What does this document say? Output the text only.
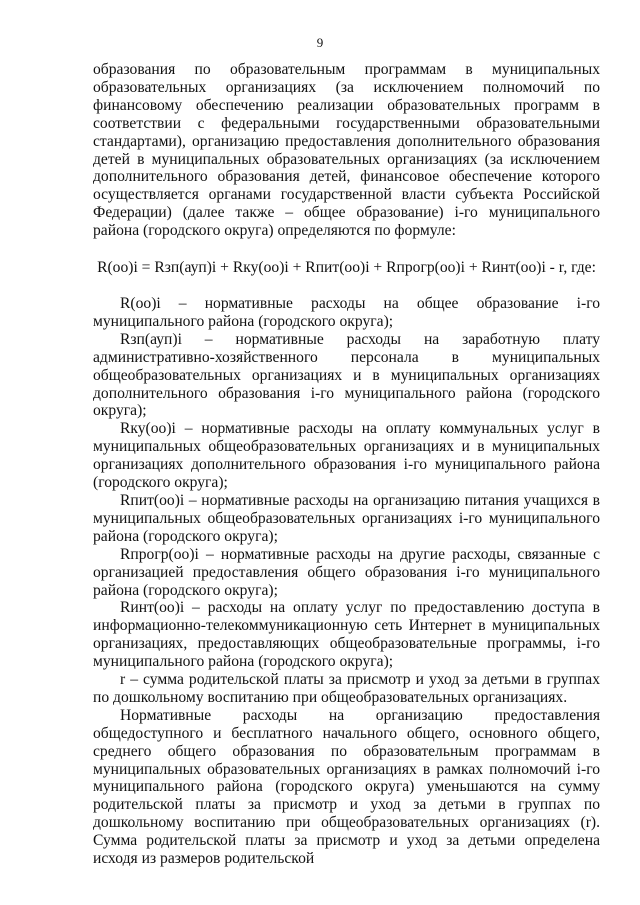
9

образования по образовательным программам в муниципальных образовательных организациях (за исключением полномочий по финансовому обеспечению реализации образовательных программ в соответствии с федеральными государственными образовательными стандартами), организацию предоставления дополнительного образования детей в муниципальных образовательных организациях (за исключением дополнительного образования детей, финансовое обеспечение которого осуществляется органами государственной власти субъекта Российской Федерации) (далее также – общее образование) i-го муниципального района (городского округа) определяются по формуле:

R(оо)i = Rзп(ауп)i + Rку(оо)i + Rпит(оо)i + Rпрогр(оо)i + Rинт(оо)i - r, где:

R(оо)i – нормативные расходы на общее образование i-го муниципального района (городского округа);

Rзп(ауп)i – нормативные расходы на заработную плату административно-хозяйственного персонала в муниципальных общеобразовательных организациях и в муниципальных организациях дополнительного образования i-го муниципального района (городского округа);

Rку(оо)i – нормативные расходы на оплату коммунальных услуг в муниципальных общеобразовательных организациях и в муниципальных организациях дополнительного образования i-го муниципального района (городского округа);

Rпит(оо)i – нормативные расходы на организацию питания учащихся в муниципальных общеобразовательных организациях i-го муниципального района (городского округа);

Rпрогр(оо)i – нормативные расходы на другие расходы, связанные с организацией предоставления общего образования i-го муниципального района (городского округа);

Rинт(оо)i – расходы на оплату услуг по предоставлению доступа в информационно-телекоммуникационную сеть Интернет в муниципальных организациях, предоставляющих общеобразовательные программы, i-го муниципального района (городского округа);

r – сумма родительской платы за присмотр и уход за детьми в группах по дошкольному воспитанию при общеобразовательных организациях.

Нормативные расходы на организацию предоставления общедоступного и бесплатного начального общего, основного общего, среднего общего образования по образовательным программам в муниципальных образовательных организациях в рамках полномочий i-го муниципального района (городского округа) уменьшаются на сумму родительской платы за присмотр и уход за детьми в группах по дошкольному воспитанию при общеобразовательных организациях (r). Сумма родительской платы за присмотр и уход за детьми определена исходя из размеров родительской
